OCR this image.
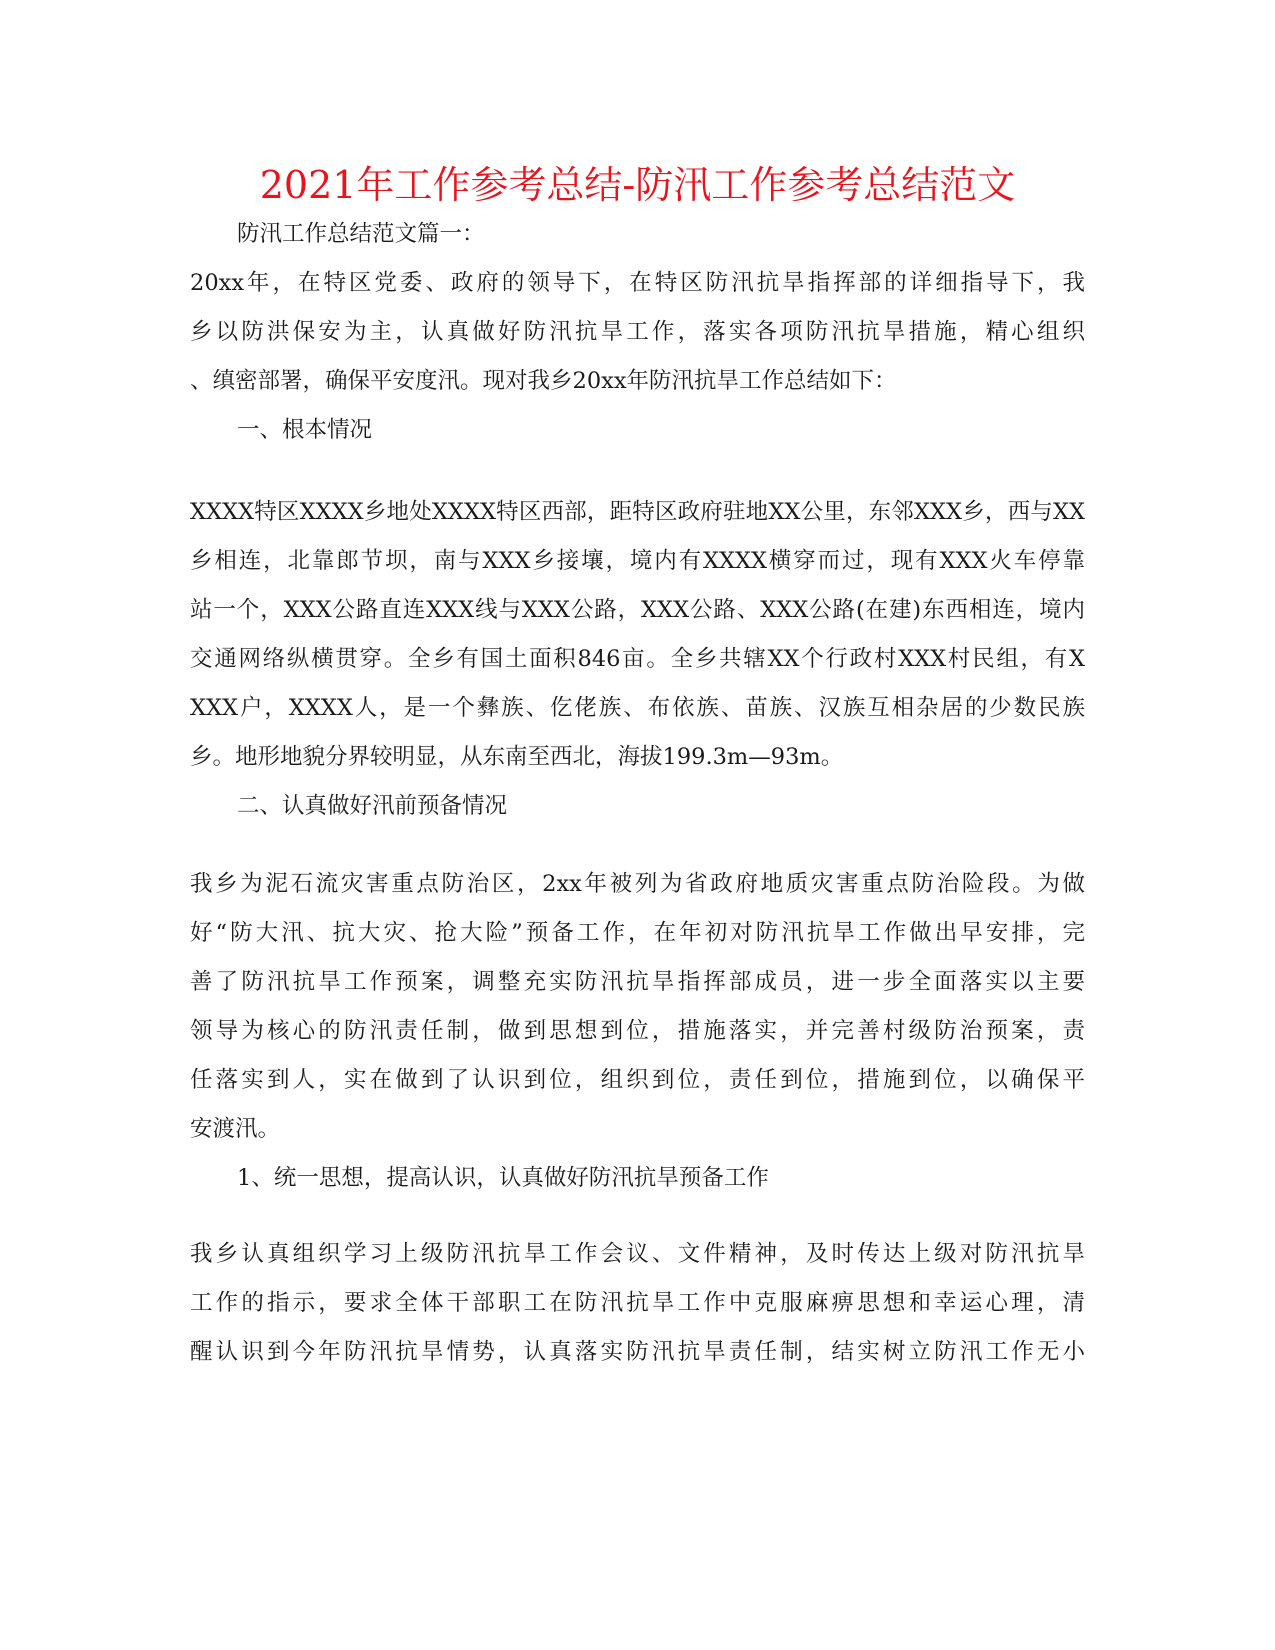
2021年工作参考总结-防汛工作参考总结范文

防汛工作总结范文篇一：

20xx年，在特区党委、政府的领导下，在特区防汛抗旱指挥部的详细指导下，我

乡以防洪保安为主，认真做好防汛抗旱工作，落实各项防汛抗旱措施，精心组织

、缜密部署，确保平安度汛。现对我乡20xx年防汛抗旱工作总结如下：

一、根本情况

XXXX特区XXXX乡地处XXXX特区西部，距特区政府驻地XX公里，东邻XXX乡，西与XX

乡相连，北靠郎节坝，南与XXX乡接壤，境内有XXXX横穿而过，现有XXX火车停靠

站一个，XXX公路直连XXX线与XXX公路，XXX公路、XXX公路(在建)东西相连，境内

交通网络纵横贯穿。全乡有国土面积846亩。全乡共辖XX个行政村XXX村民组，有X

XXX户，XXXX人，是一个彝族、仡佬族、布依族、苗族、汉族互相杂居的少数民族

乡。地形地貌分界较明显，从东南至西北，海拔199.3m—93m。

二、认真做好汛前预备情况

我乡为泥石流灾害重点防治区，2xx年被列为省政府地质灾害重点防治险段。为做

好“防大汛、抗大灾、抢大险”预备工作，在年初对防汛抗旱工作做出早安排，完

善了防汛抗旱工作预案，调整充实防汛抗旱指挥部成员，进一步全面落实以主要

领导为核心的防汛责任制，做到思想到位，措施落实，并完善村级防治预案，责

任落实到人，实在做到了认识到位，组织到位，责任到位，措施到位，以确保平

安渡汛。

1、统一思想，提高认识，认真做好防汛抗旱预备工作

我乡认真组织学习上级防汛抗旱工作会议、文件精神，及时传达上级对防汛抗旱

工作的指示，要求全体干部职工在防汛抗旱工作中克服麻痹思想和幸运心理，清

醒认识到今年防汛抗旱情势，认真落实防汛抗旱责任制，结实树立防汛工作无小
